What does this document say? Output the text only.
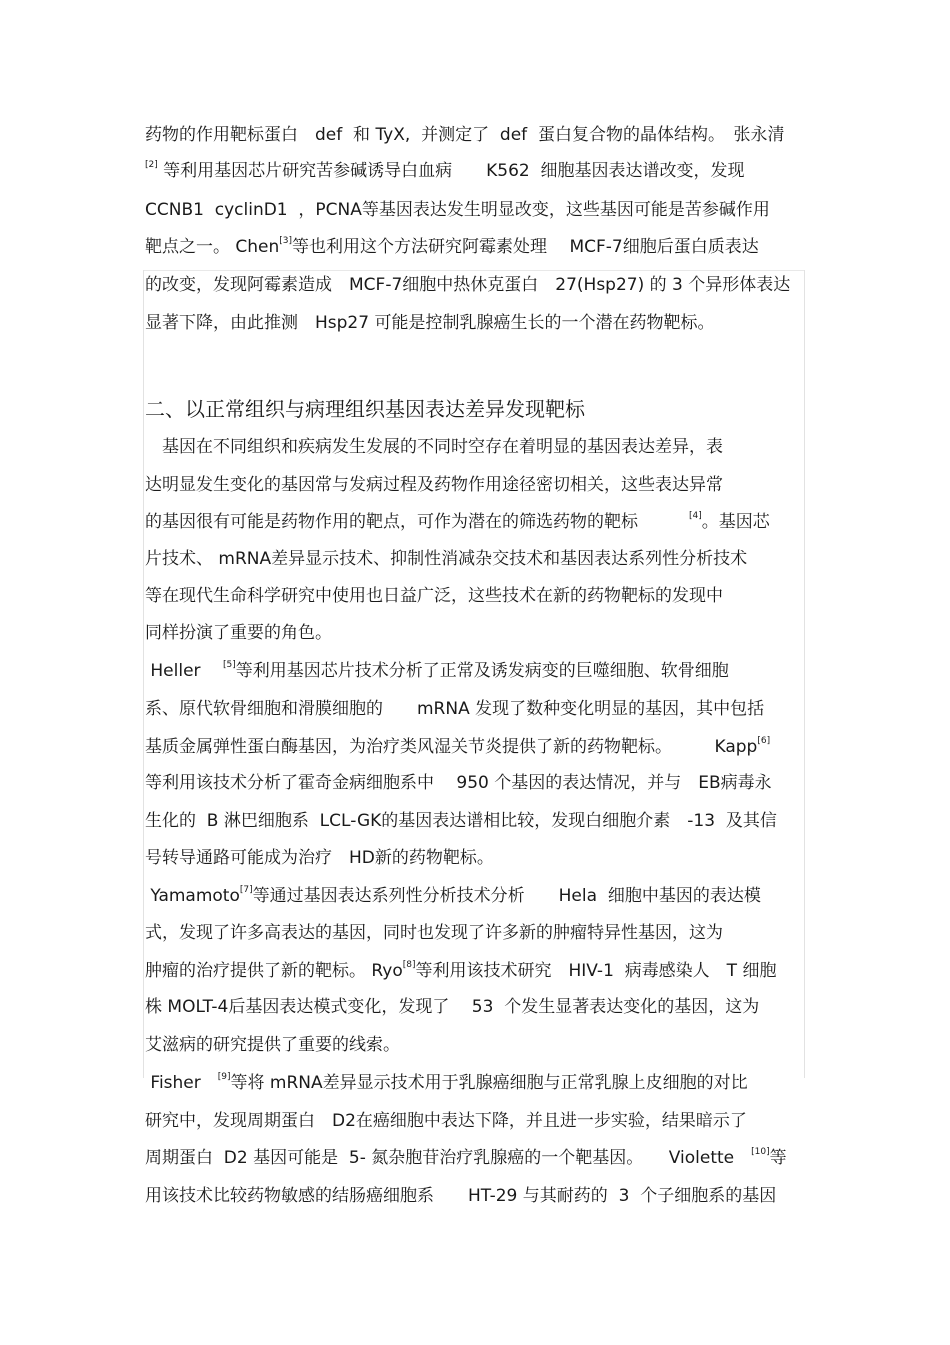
二、以正常组织与病理组织基因表达差异发现靶标
药物的作用靶标蛋白　def  和 TyX,  并测定了  def  蛋白复合物的晶体结构。　张永清
[2] 等利用基因芯片研究苦参碱诱导白血病　　K562  细胞基因表达谱改变，发现
CCNB1  cyclinD1  ，PCNA等基因表达发生明显改变，这些基因可能是苦参碱作用
靶点之一。 Chen[3]等也利用这个方法研究阿霉素处理　 MCF-7细胞后蛋白质表达
的改变，发现阿霉素造成　MCF-7细胞中热休克蛋白　27(Hsp27) 的 3 个异形体表达
显著下降，由此推测　Hsp27 可能是控制乳腺癌生长的一个潜在药物靶标。
　基因在不同组织和疾病发生发展的不同时空存在着明显的基因表达差异，表
达明显发生变化的基因常与发病过程及药物作用途径密切相关，这些表达异常
的基因很有可能是药物作用的靶点，可作为潜在的筛选药物的靶标　　　[4]。基因芯
片技术、 mRNA差异显示技术、抑制性消减杂交技术和基因表达系列性分析技术
等在现代生命科学研究中使用也日益广泛，这些技术在新的药物靶标的发现中
同样扮演了重要的角色。
Heller　 [5]等利用基因芯片技术分析了正常及诱发病变的巨噬细胞、软骨细胞
系、原代软骨细胞和滑膜细胞的　　mRNA 发现了数种变化明显的基因，其中包括
基质金属弹性蛋白酶基因，为治疗类风湿关节炎提供了新的药物靶标。　　　Kapp[6]
等利用该技术分析了霍奇金病细胞系中　 950 个基因的表达情况，并与　EB病毒永
生化的  B 淋巴细胞系  LCL-GK的基因表达谱相比较，发现白细胞介素　-13  及其信
号转导通路可能成为治疗　HD新的药物靶标。
Yamamoto[7]等通过基因表达系列性分析技术分析　　Hela  细胞中基因的表达模
式，发现了许多高表达的基因，同时也发现了许多新的肿瘤特异性基因，这为
肿瘤的治疗提供了新的靶标。 Ryo[8]等利用该技术研究　HIV-1  病毒感染人　T 细胞
株 MOLT-4后基因表达模式变化，发现了　 53  个发生显著表达变化的基因，这为
艾滋病的研究提供了重要的线索。
Fisher　[9]等将 mRNA差异显示技术用于乳腺癌细胞与正常乳腺上皮细胞的对比
研究中，发现周期蛋白　D2在癌细胞中表达下降，并且进一步实验，结果暗示了
周期蛋白  D2 基因可能是  5- 氮杂胞苷治疗乳腺癌的一个靶基因。　　Violette　[10]等
用该技术比较药物敏感的结肠癌细胞系　　HT-29 与其耐药的  3  个子细胞系的基因
